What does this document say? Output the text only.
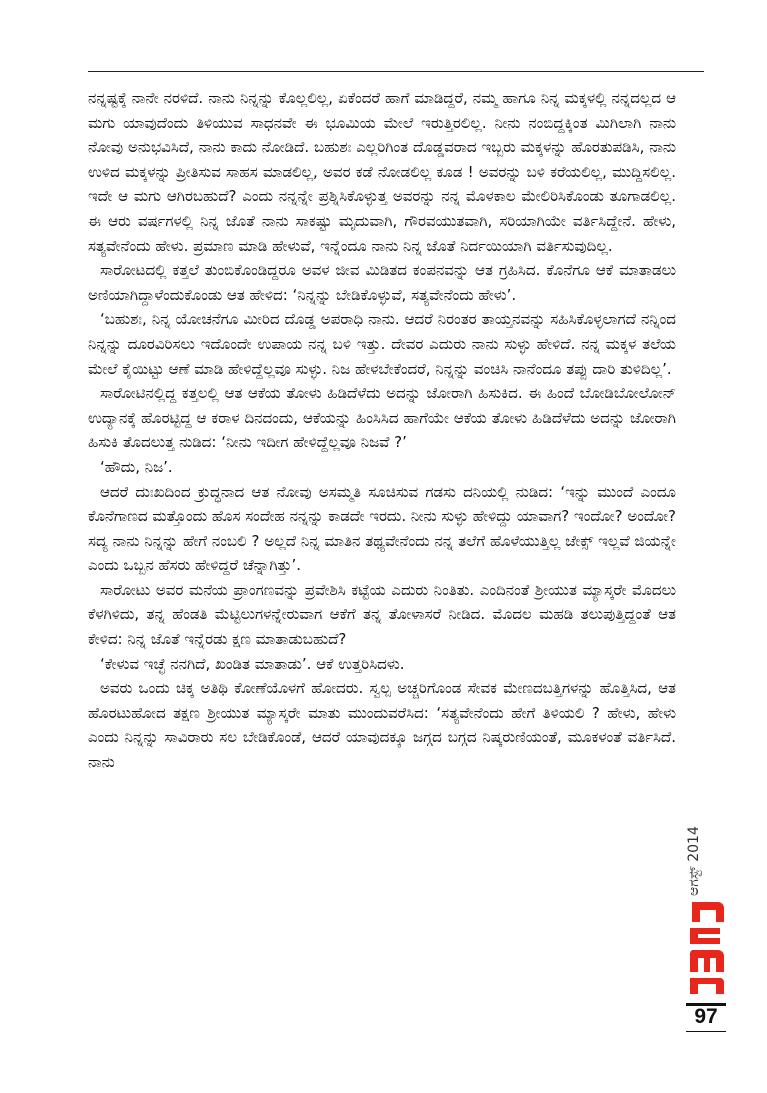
ನನ್ನಷ್ಟಕ್ಕೆ ನಾನೇ ನರಳಿದೆ. ನಾನು ನಿನ್ನನ್ನು ಕೊಲ್ಲಲಿಲ್ಲ, ಏಕೆಂದರೆ ಹಾಗೆ ಮಾಡಿದ್ದರೆ, ನಮ್ಮ ಹಾಗೂ ನಿನ್ನ ಮಕ್ಕಳಲ್ಲಿ ನನ್ನದಲ್ಲದ ಆ ಮಗು ಯಾವುದೆಂದು ತಿಳಿಯುವ ಸಾಧನವೇ ಈ ಭೂಮಿಯ ಮೇಲೆ ಇರುತ್ತಿರಲಿಲ್ಲ. ನೀನು ನಂಬಿದ್ದಕ್ಕಿಂತ ಮಿಗಿಲಾಗಿ ನಾನು ನೋವು ಅನುಭವಿಸಿದೆ, ನಾನು ಕಾದು ನೋಡಿದೆ. ಬಹುಶಃ ಎಲ್ಲರಿಗಿಂತ ದೊಡ್ಡವರಾದ ಇಬ್ಬರು ಮಕ್ಕಳನ್ನು ಹೊರತುಪಡಿಸಿ, ನಾನು ಉಳಿದ ಮಕ್ಕಳನ್ನು ಪ್ರೀತಿಸುವ ಸಾಹಸ ಮಾಡಲಿಲ್ಲ, ಅವರ ಕಡೆ ನೋಡಲಿಲ್ಲ ಕೂಡ ! ಅವರನ್ನು ಬಳಿ ಕರೆಯಲಿಲ್ಲ, ಮುದ್ದಿಸಲಿಲ್ಲ. ಇದೇ ಆ ಮಗು ಆಗಿರಬಹುದೆ? ಎಂದು ನನ್ನನ್ನೇ ಪ್ರಶ್ನಿಸಿಕೊಳ್ಳುತ್ತ ಅವರನ್ನು ನನ್ನ ಮೊಳಕಾಲ ಮೇಲಿರಿಸಿಕೊಂಡು ತೂಗಾಡಲಿಲ್ಲ. ಈ ಆರು ವರ್ಷಗಳಲ್ಲಿ ನಿನ್ನ ಜೊತೆ ನಾನು ಸಾಕಷ್ಟು ಮೃದುವಾಗಿ, ಗೌರವಯುತವಾಗಿ, ಸರಿಯಾಗಿಯೇ ವರ್ತಿಸಿದ್ದೇನೆ. ಹೇಳು, ಸತ್ಯವೇನೆಂದು ಹೇಳು. ಪ್ರಮಾಣ ಮಾಡಿ ಹೇಳುವೆ, ಇನ್ನೆಂದೂ ನಾನು ನಿನ್ನ ಜೊತೆ ನಿರ್ದಯಿಯಾಗಿ ವರ್ತಿಸುವುದಿಲ್ಲ.

ಸಾರೋಟದಲ್ಲಿ ಕತ್ತಲೆ ತುಂಬಿಕೊಂಡಿದ್ದರೂ ಅವಳ ಜೀವ ಮಿಡಿತದ ಕಂಪನವನ್ನು ಆತ ಗ್ರಹಿಸಿದ. ಕೊನೆಗೂ ಆಕೆ ಮಾತಾಡಲು ಅಣಿಯಾಗಿದ್ದಾಳೆಂದುಕೊಂಡು ಆತ ಹೇಳಿದ: ‘ನಿನ್ನನ್ನು ಬೇಡಿಕೊಳ್ಳುವೆ, ಸತ್ಯವೇನೆಂದು ಹೇಳು’.

‘ಬಹುಶಃ, ನಿನ್ನ ಯೋಚನೆಗೂ ಮೀರಿದ ದೊಡ್ಡ ಅಪರಾಧಿ ನಾನು. ಆದರೆ ನಿರಂತರ ತಾಯ್ತನವನ್ನು ಸಹಿಸಿಕೊಳ್ಳಲಾಗದೆ ನನ್ನಿಂದ ನಿನ್ನನ್ನು ದೂರವಿರಿಸಲು ಇದೊಂದೇ ಉಪಾಯ ನನ್ನ ಬಳಿ ಇತ್ತು. ದೇವರ ಎದುರು ನಾನು ಸುಳ್ಳು ಹೇಳಿದೆ. ನನ್ನ ಮಕ್ಕಳ ತಲೆಯ ಮೇಲೆ ಕೈಯಿಟ್ಟು ಆಣೆ ಮಾಡಿ ಹೇಳಿದ್ದೆಲ್ಲವೂ ಸುಳ್ಳು. ನಿಜ ಹೇಳಬೇಕೆಂದರೆ, ನಿನ್ನನ್ನು ವಂಚಿಸಿ ನಾನೆಂದೂ ತಪ್ಪು ದಾರಿ ತುಳಿದಿಲ್ಲ’.

ಸಾರೋಟಿನಲ್ಲಿದ್ದ ಕತ್ತಲಲ್ಲಿ ಆತ ಆಕೆಯ ತೋಳು ಹಿಡಿದೆಳೆದು ಅದನ್ನು ಜೋರಾಗಿ ಹಿಸುಕಿದ. ಈ ಹಿಂದೆ ಬೋಡಿಬೋಲೋನ್ ಉದ್ಯಾನಕ್ಕೆ ಹೊರಟ್ಟಿದ್ದ ಆ ಕರಾಳ ದಿನದಂದು, ಆಕೆಯನ್ನು ಹಿಂಸಿಸಿದ ಹಾಗೆಯೇ ಆಕೆಯ ತೋಳು ಹಿಡಿದೆಳೆದು ಅದನ್ನು ಜೋರಾಗಿ ಹಿಸುಕಿ ತೊದಲುತ್ತ ನುಡಿದ: ‘ನೀನು ಇದೀಗ ಹೇಳಿದ್ದೆಲ್ಲವೂ ನಿಜವೆ ?’

‘ಹೌದು, ನಿಜ’.

ಆದರೆ ದುಃಖದಿಂದ ಕ್ರುದ್ಧನಾದ ಆತ ನೋವು ಅಸಮ್ಮತಿ ಸೂಚಿಸುವ ಗಡಸು ದನಿಯಲ್ಲಿ ನುಡಿದ: ‘ಇನ್ನು ಮುಂದೆ ಎಂದೂ ಕೊನೆಗಾಣದ ಮತ್ತೊಂದು ಹೊಸ ಸಂದೇಹ ನನ್ನನ್ನು ಕಾಡದೇ ಇರದು. ನೀನು ಸುಳ್ಳು ಹೇಳಿದ್ದು ಯಾವಾಗ? ಇಂದೋ? ಅಂದೋ? ಸದ್ಯ ನಾನು ನಿನ್ನನ್ನು ಹೇಗೆ ನಂಬಲಿ ? ಅಲ್ಲದೆ ನಿನ್ನ ಮಾತಿನ ತಥ್ಯವೇನೆಂದು ನನ್ನ ತಲೆಗೆ ಹೊಳೆಯುತ್ತಿಲ್ಲ ಜೇಕ್ಸ್ ಇಲ್ಲವೆ ಜಿಯನ್ನೇ ಎಂದು ಒಬ್ಬನ ಹೆಸರು ಹೇಳಿದ್ದರೆ ಚೆನ್ನಾಗಿತ್ತು’.

ಸಾರೋಟು ಅವರ ಮನೆಯ ಪ್ರಾಂಗಣವನ್ನು ಪ್ರವೇಶಿಸಿ ಕಟ್ಟೆಯ ಎದುರು ನಿಂತಿತು. ಎಂದಿನಂತೆ ಶ್ರೀಯುತ ಮ್ಯಾಸ್ಕರೇ ಮೊದಲು ಕೆಳಗಿಳಿದು, ತನ್ನ ಹೆಂಡತಿ ಮೆಟ್ಟಿಲುಗಳನ್ನೇರುವಾಗ ಆಕೆಗೆ ತನ್ನ ತೋಳಾಸರೆ ನೀಡಿದ. ಮೊದಲ ಮಹಡಿ ತಲುಪುತ್ತಿದ್ದಂತೆ ಆತ ಕೇಳಿದ: ನಿನ್ನ ಜೊತೆ ಇನ್ನೆರಡು ಕ್ಷಣ ಮಾತಾಡುಬಹುದೆ?

‘ಕೇಳುವ ಇಚ್ಛೆ ನನಗಿದೆ, ಖಂಡಿತ ಮಾತಾಡು’. ಆಕೆ ಉತ್ತರಿಸಿದಳು.

ಅವರು ಒಂದು ಚಿಕ್ಕ ಅತಿಥಿ ಕೋಣೆಯೊಳಗೆ ಹೋದರು. ಸ್ವಲ್ಪ ಅಚ್ಚರಿಗೊಂಡ ಸೇವಕ ಮೇಣದಬತ್ತಿಗಳನ್ನು ಹೊತ್ತಿಸಿದ, ಆತ ಹೊರಟುಹೋದ ತಕ್ಷಣ ಶ್ರೀಯುತ ಮ್ಯಾಸ್ಕರೇ ಮಾತು ಮುಂದುವರೆಸಿದ: ‘ಸತ್ಯವೇನೆಂದು ಹೇಗೆ ತಿಳಿಯಲಿ ? ಹೇಳು, ಹೇಳು ಎಂದು ನಿನ್ನನ್ನು ಸಾವಿರಾರು ಸಲ ಬೇಡಿಕೊಂಡೆ, ಆದರೆ ಯಾವುದಕ್ಕೂ ಜಗ್ಗದ ಬಗ್ಗದ ನಿಷ್ಕರುಣಿಯಂತೆ, ಮೂಕಳಂತೆ ವರ್ತಿಸಿದೆ. ನಾನು

ಆಗಸ್ಟ್ 2014
97
